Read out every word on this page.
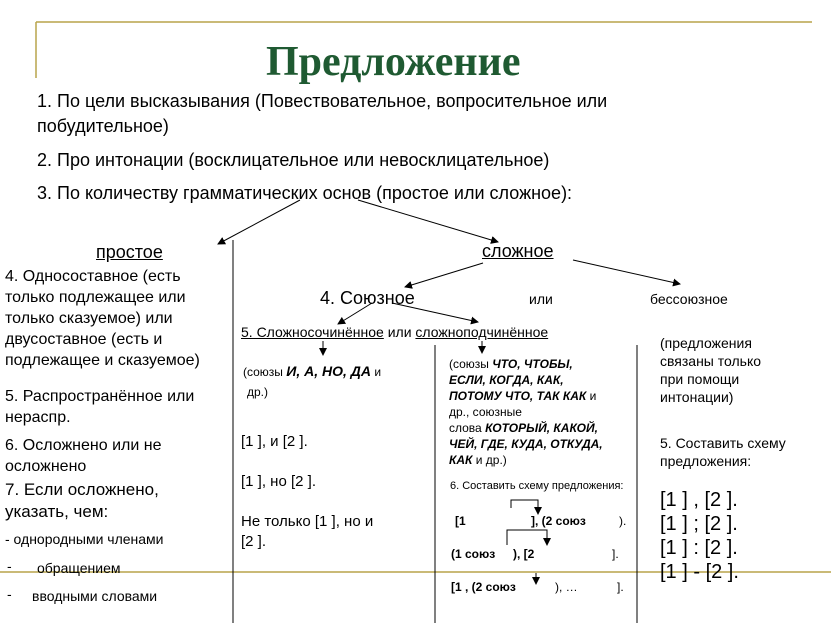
Предложение
1. По цели высказывания (Повествовательное, вопросительное или
побудительное)
2. Про интонации (восклицательное или невосклицательное)
3. По количеству грамматических основ (простое или сложное):
простое
4. Односоставное (есть
только подлежащее или
только сказуемое) или
двусоставное (есть и
подлежащее и сказуемое)
5. Распространённое или
нераспр.
6. Осложнено или не
осложнено
7. Если осложнено,
указать, чем:
- однородными членами
- обращением
- вводными словами
сложное
4. Союзное	или	бессоюзное
5. Сложносочинённое или сложноподчинённое
(союзы И, А, НО, ДА и
др.)
[1 ], и [2 ].
[1 ], но [2 ].
Не только [1 ], но и
[2 ].
(союзы ЧТО, ЧТОБЫ,
ЕСЛИ, КОГДА, КАК,
ПОТОМУ ЧТО, ТАК КАК и
др., союзные
слова КОТОРЫЙ, КАКОЙ,
ЧЕЙ, ГДЕ, КУДА, ОТКУДА,
КАК и др.)
6. Составить схему предложения:
[1	], (2 союз	).
(1 союз ), [2	].
[1 , (2 союз	), …	].
(предложения
связаны только
при помощи
интонации)
5. Составить схему
предложения:
[1 ] , [2 ].
[1 ] ; [2 ].
[1 ] : [2 ].
[1 ] - [2 ].
